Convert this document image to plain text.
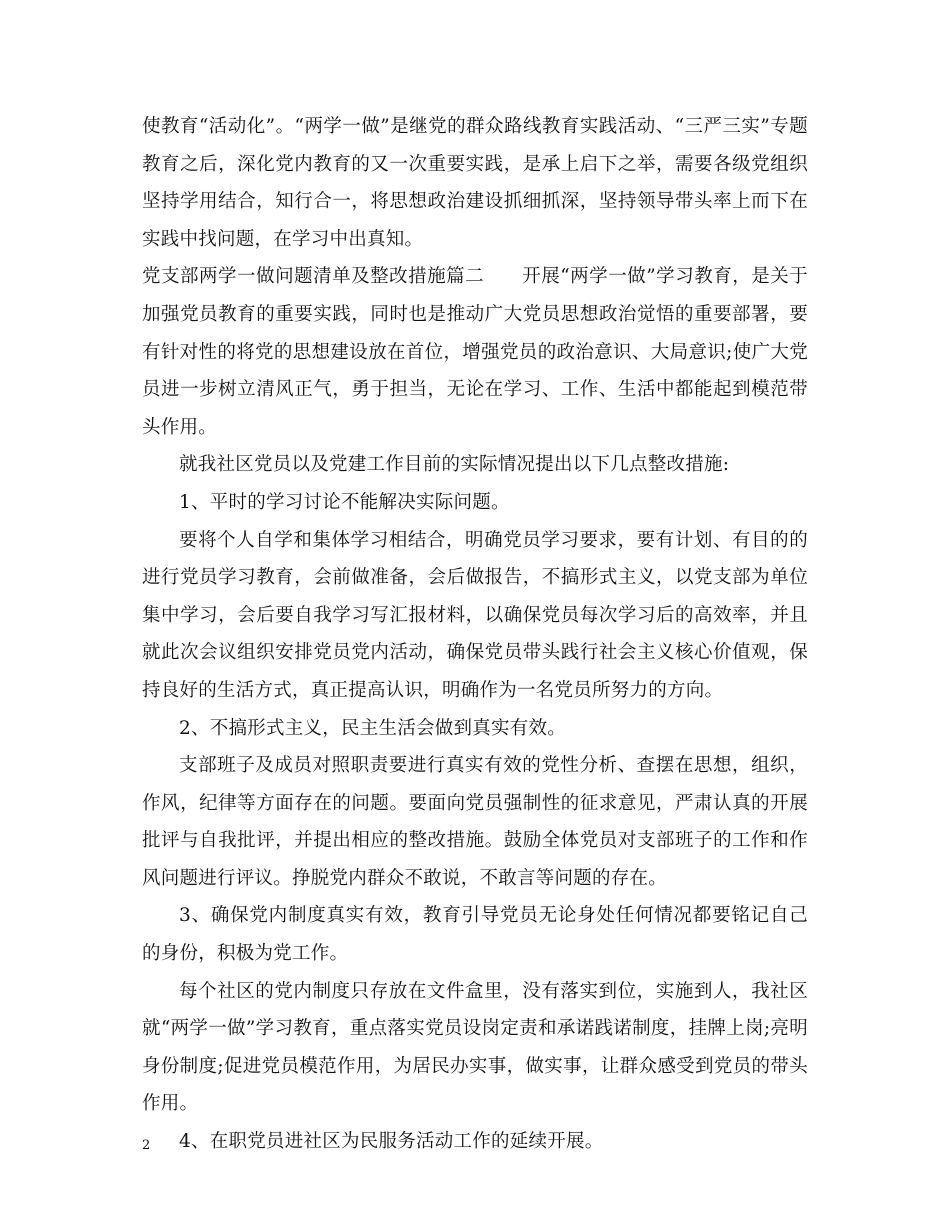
使教育“活动化”。“两学一做”是继党的群众路线教育实践活动、“三严三实”专题教育之后，深化党内教育的又一次重要实践，是承上启下之举，需要各级党组织坚持学用结合，知行合一，将思想政治建设抓细抓深，坚持领导带头率上而下在实践中找问题，在学习中出真知。

党支部两学一做问题清单及整改措施篇二　　开展“两学一做”学习教育，是关于加强党员教育的重要实践，同时也是推动广大党员思想政治觉悟的重要部署，要有针对性的将党的思想建设放在首位，增强党员的政治意识、大局意识;使广大党员进一步树立清风正气，勇于担当，无论在学习、工作、生活中都能起到模范带头作用。

就我社区党员以及党建工作目前的实际情况提出以下几点整改措施:

1、平时的学习讨论不能解决实际问题。

要将个人自学和集体学习相结合，明确党员学习要求，要有计划、有目的的进行党员学习教育，会前做准备，会后做报告，不搞形式主义，以党支部为单位集中学习，会后要自我学习写汇报材料，以确保党员每次学习后的高效率，并且就此次会议组织安排党员党内活动，确保党员带头践行社会主义核心价值观，保持良好的生活方式，真正提高认识，明确作为一名党员所努力的方向。

2、不搞形式主义，民主生活会做到真实有效。

支部班子及成员对照职责要进行真实有效的党性分析、查摆在思想，组织，作风，纪律等方面存在的问题。要面向党员强制性的征求意见，严肃认真的开展批评与自我批评，并提出相应的整改措施。鼓励全体党员对支部班子的工作和作风问题进行评议。挣脱党内群众不敢说，不敢言等问题的存在。

3、确保党内制度真实有效，教育引导党员无论身处任何情况都要铭记自己的身份，积极为党工作。

每个社区的党内制度只存放在文件盒里，没有落实到位，实施到人，我社区就“两学一做”学习教育，重点落实党员设岗定责和承诺践诺制度，挂牌上岗;亮明身份制度;促进党员模范作用，为居民办实事，做实事，让群众感受到党员的带头作用。

4、在职党员进社区为民服务活动工作的延续开展。

2
